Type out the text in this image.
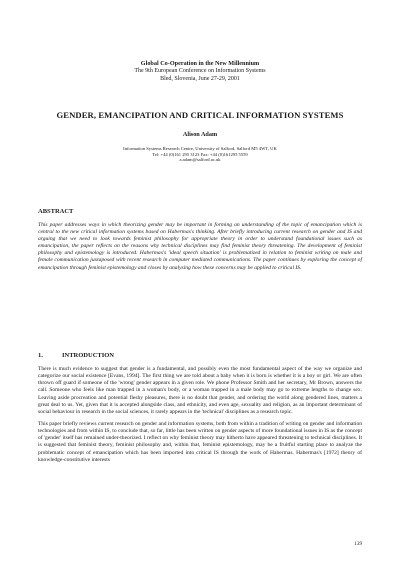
Global Co-Operation in the New Millennium
The 9th European Conference on Information Systems
Bled, Slovenia, June 27-29, 2001
GENDER, EMANCIPATION AND CRITICAL INFORMATION SYSTEMS
Alison Adam
Information Systems Research Centre, University of Salford, Salford M5 4WT, UK
Tel: +44 (0)161 295 3123 Fax: +44 (0)161295 5559
a.adam@salford.ac.uk
ABSTRACT
This paper addresses ways in which theorizing gender may be important in forming an understanding of the topic of emancipation which is central to the new critical information systems based on Habermas's thinking. After briefly introducing current research on gender and IS and arguing that we need to look towards feminist philosophy for appropriate theory in order to understand foundational issues such as emancipation, the paper reflects on the reasons why technical disciplines may find feminist theory threatening. The development of feminist philosophy and epistemology is introduced. Habermas's 'ideal speech situation' is problematized in relation to feminist writing on male and female communication juxtaposed with recent research in computer mediated communications. The paper continues by exploring the concept of emancipation through feminist epistemology and closes by analysing how these concerns may be applied to critical IS.
1.	INTRODUCTION

There is much evidence to suggest that gender is a fundamental, and possibly even the most fundamental aspect of the way we organize and categorize our social existence [Evans, 1994]. The first thing we are told about a baby when it is born is whether it is a boy or girl. We are often thrown off guard if someone of the 'wrong' gender appears in a given role. We phone Professor Smith and her secretary, Mr Brown, answers the call. Someone who feels like man trapped in a woman's body, or a woman trapped in a male body may go to extreme lengths to change sex. Leaving aside procreation and potential fleshy pleasures, there is no doubt that gender, and ordering the world along gendered lines, matters a great deal to us. Yet, given that it is accepted alongside class, and ethnicity, and even age, sexuality and religion, as an important determinant of social behaviour in research in the social sciences, it rarely appears in the 'technical' disciplines as a research topic.

This paper briefly reviews current research on gender and information systems, both from within a tradition of writing on gender and information technologies and from within IS, to conclude that, so far, little has been written on gender aspects of more foundational issues in IS as the concept of 'gender' itself has remained under-theorized. I reflect on why feminist theory may hitherto have appeared threatening to technical disciplines. It is suggested that feminist theory, feminist philosophy and, within that, feminist epistemology, may be a fruitful starting place to analyze the problematic concept of emancipation which has been imported into critical IS through the work of Habermas. Habermas's [1972] theory of knowledge-constitutive interests

139
